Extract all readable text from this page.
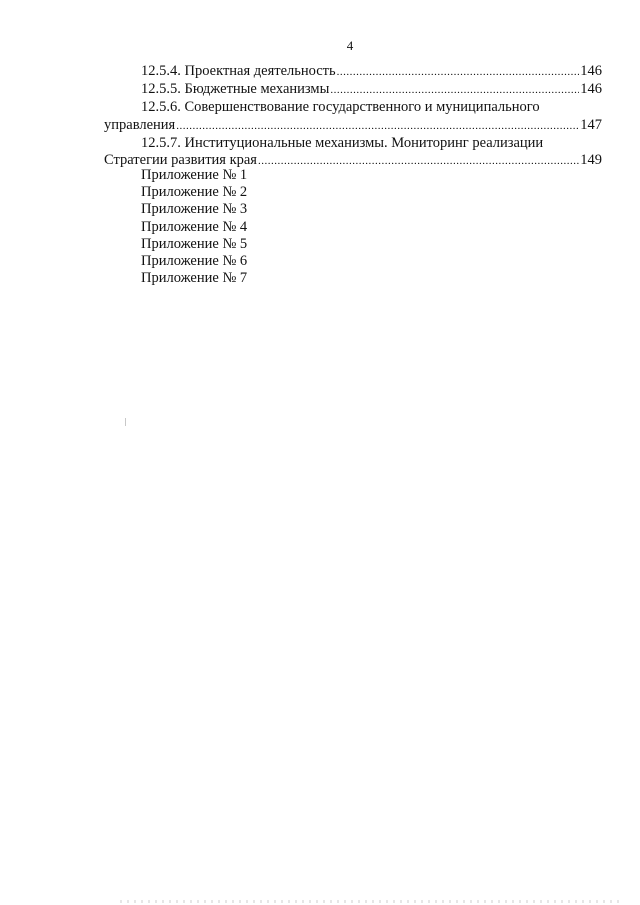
4
12.5.4. Проектная деятельность .....	146
12.5.5. Бюджетные механизмы .....	146
12.5.6. Совершенствование государственного и муниципального
управления .....	147
12.5.7. Институциональные механизмы. Мониторинг реализации
Стратегии развития края .....	149
Приложение № 1
Приложение № 2
Приложение № 3
Приложение № 4
Приложение № 5
Приложение № 6
Приложение № 7
